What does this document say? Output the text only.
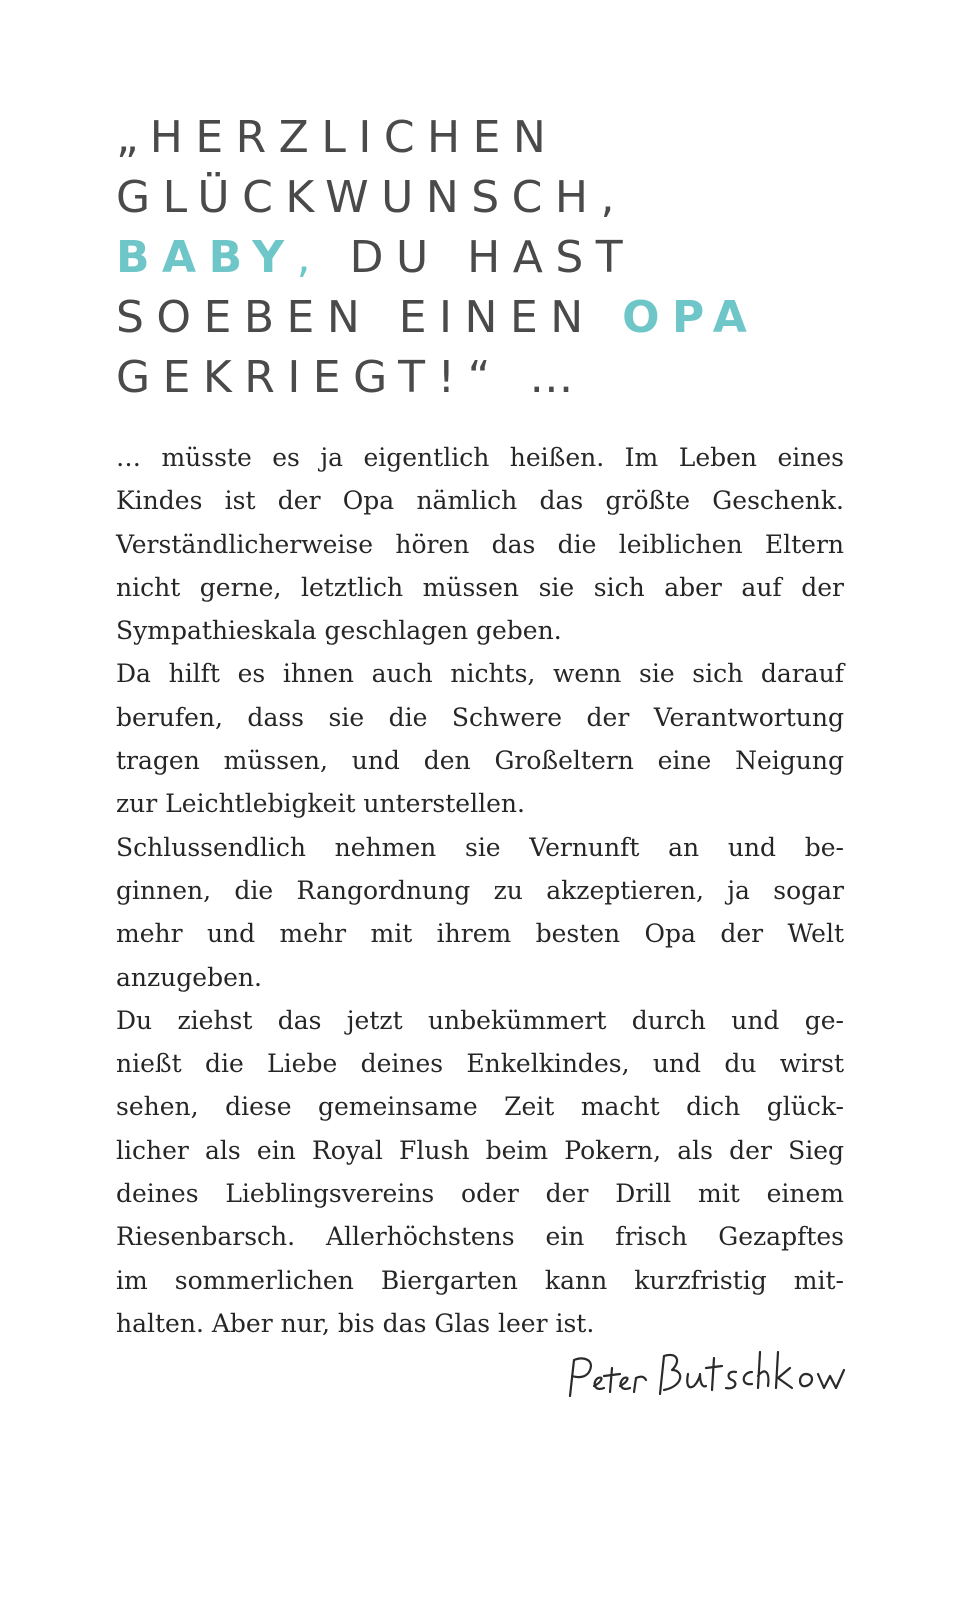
„HERZLICHEN
GLÜCKWUNSCH,
BABY, DU HAST
SOEBEN EINEN OPA
GEKRIEGT!“ …
… müsste es ja eigentlich heißen. Im Leben eines
Kindes ist der Opa nämlich das größte Geschenk.
Verständlicherweise hören das die leiblichen Eltern
nicht gerne, letztlich müssen sie sich aber auf der
Sympathieskala geschlagen geben.
Da hilft es ihnen auch nichts, wenn sie sich darauf
berufen, dass sie die Schwere der Verantwortung
tragen müssen, und den Großeltern eine Neigung
zur Leichtlebigkeit unterstellen.
Schlussendlich nehmen sie Vernunft an und be-
ginnen, die Rangordnung zu akzeptieren, ja sogar
mehr und mehr mit ihrem besten Opa der Welt
anzugeben.
Du ziehst das jetzt unbekümmert durch und ge-
nießt die Liebe deines Enkelkindes, und du wirst
sehen, diese gemeinsame Zeit macht dich glück-
licher als ein Royal Flush beim Pokern, als der Sieg
deines Lieblingsvereins oder der Drill mit einem
Riesenbarsch. Allerhöchstens ein frisch Gezapftes
im sommerlichen Biergarten kann kurzfristig mit-
halten. Aber nur, bis das Glas leer ist.
